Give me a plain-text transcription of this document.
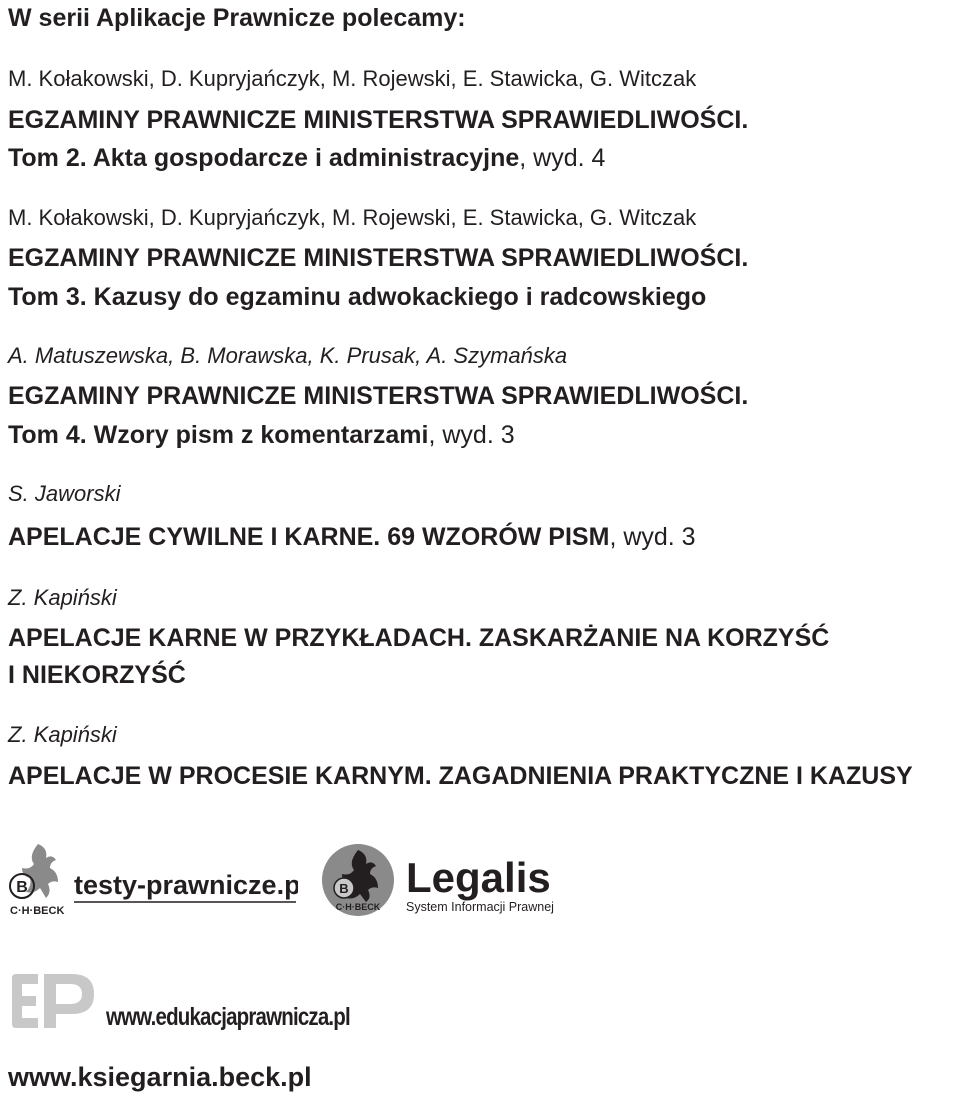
W serii Aplikacje Prawnicze polecamy:
M. Kołakowski, D. Kupryjańczyk, M. Rojewski, E. Stawicka, G. Witczak
EGZAMINY PRAWNICZE MINISTERSTWA SPRAWIEDLIWOŚCI.
Tom 2. Akta gospodarcze i administracyjne, wyd. 4
M. Kołakowski, D. Kupryjańczyk, M. Rojewski, E. Stawicka, G. Witczak
EGZAMINY PRAWNICZE MINISTERSTWA SPRAWIEDLIWOŚCI.
Tom 3. Kazusy do egzaminu adwokackiego i radcowskiego
A. Matuszewska, B. Morawska, K. Prusak, A. Szymańska
EGZAMINY PRAWNICZE MINISTERSTWA SPRAWIEDLIWOŚCI.
Tom 4. Wzory pism z komentarzami, wyd. 3
S. Jaworski
APELACJE CYWILNE I KARNE. 69 WZORÓW PISM, wyd. 3
Z. Kapiński
APELACJE KARNE W PRZYKŁADACH. ZASKARŻANIE NA KORZYŚĆ
I NIEKORZYŚĆ
Z. Kapiński
APELACJE W PROCESIE KARNYM. ZAGADNIENIA PRAKTYCZNE I KAZUSY
B testy-prawnicze.pl
C·H·BECK
B
C·H·BECK
Legalis
System Informacji Prawnej
EP
www.edukacjaprawnicza.pl
www.ksiegarnia.beck.pl
